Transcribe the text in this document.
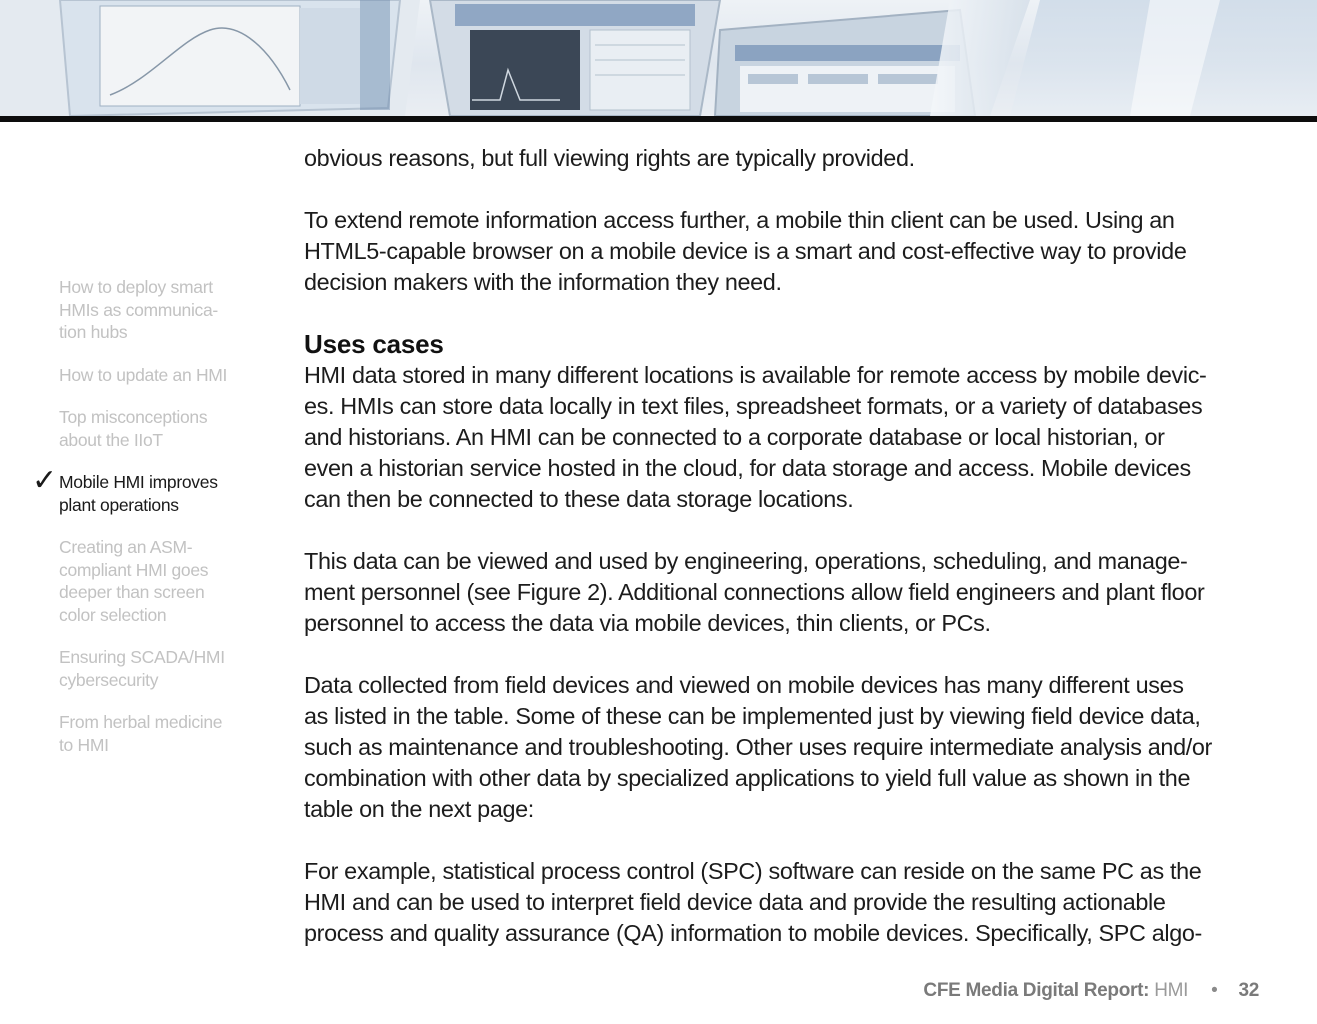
How to deploy smart
HMIs as communica-
tion hubs
How to update an HMI
Top misconceptions
about the IIoT
✓ Mobile HMI improves
plant operations
Creating an ASM-
compliant HMI goes
deeper than screen
color selection
Ensuring SCADA/HMI
cybersecurity
From herbal medicine
to HMI

obvious reasons, but full viewing rights are typically provided.

To extend remote information access further, a mobile thin client can be used. Using an
HTML5-capable browser on a mobile device is a smart and cost-effective way to provide
decision makers with the information they need.

Uses cases

HMI data stored in many different locations is available for remote access by mobile devic-
es. HMIs can store data locally in text files, spreadsheet formats, or a variety of databases
and historians. An HMI can be connected to a corporate database or local historian, or
even a historian service hosted in the cloud, for data storage and access. Mobile devices
can then be connected to these data storage locations.

This data can be viewed and used by engineering, operations, scheduling, and manage-
ment personnel (see Figure 2). Additional connections allow field engineers and plant floor
personnel to access the data via mobile devices, thin clients, or PCs.

Data collected from field devices and viewed on mobile devices has many different uses
as listed in the table. Some of these can be implemented just by viewing field device data,
such as maintenance and troubleshooting. Other uses require intermediate analysis and/or
combination with other data by specialized applications to yield full value as shown in the
table on the next page:

For example, statistical process control (SPC) software can reside on the same PC as the
HMI and can be used to interpret field device data and provide the resulting actionable
process and quality assurance (QA) information to mobile devices. Specifically, SPC algo-

CFE Media Digital Report: HMI • 32
